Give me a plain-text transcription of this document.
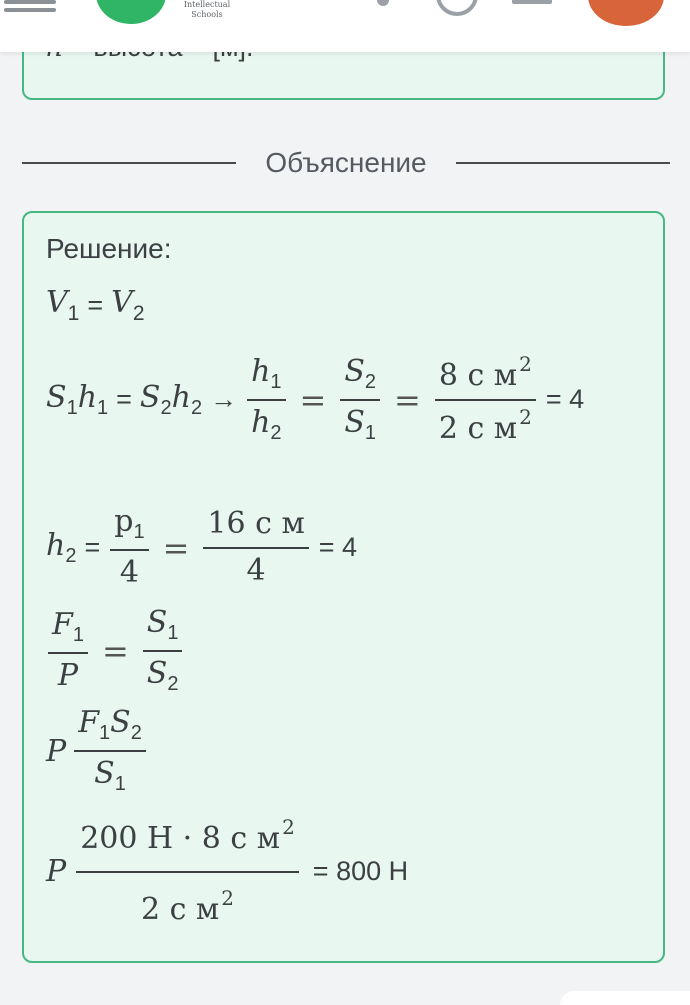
Intellectual
Schools
Объяснение
Решение:
$V_1 = V_2$
$S_1h_1 = S_2h_2 \to \frac{h_1}{h_2} = \frac{S_2}{S_1} = \frac{8 с м ^2}{2 с м ^2} = 4$
$h_2 = \frac{p_1}{4} = \frac{\text{16 с м}}{4} = 4$
$\frac{F_1}{P} = \frac{S_1}{S_2}$
P $\frac{F_1S_2}{S_1}$
P $\frac{200 Н \cdot 8 с м ^2}{2 с м ^2} = 800$ Н
